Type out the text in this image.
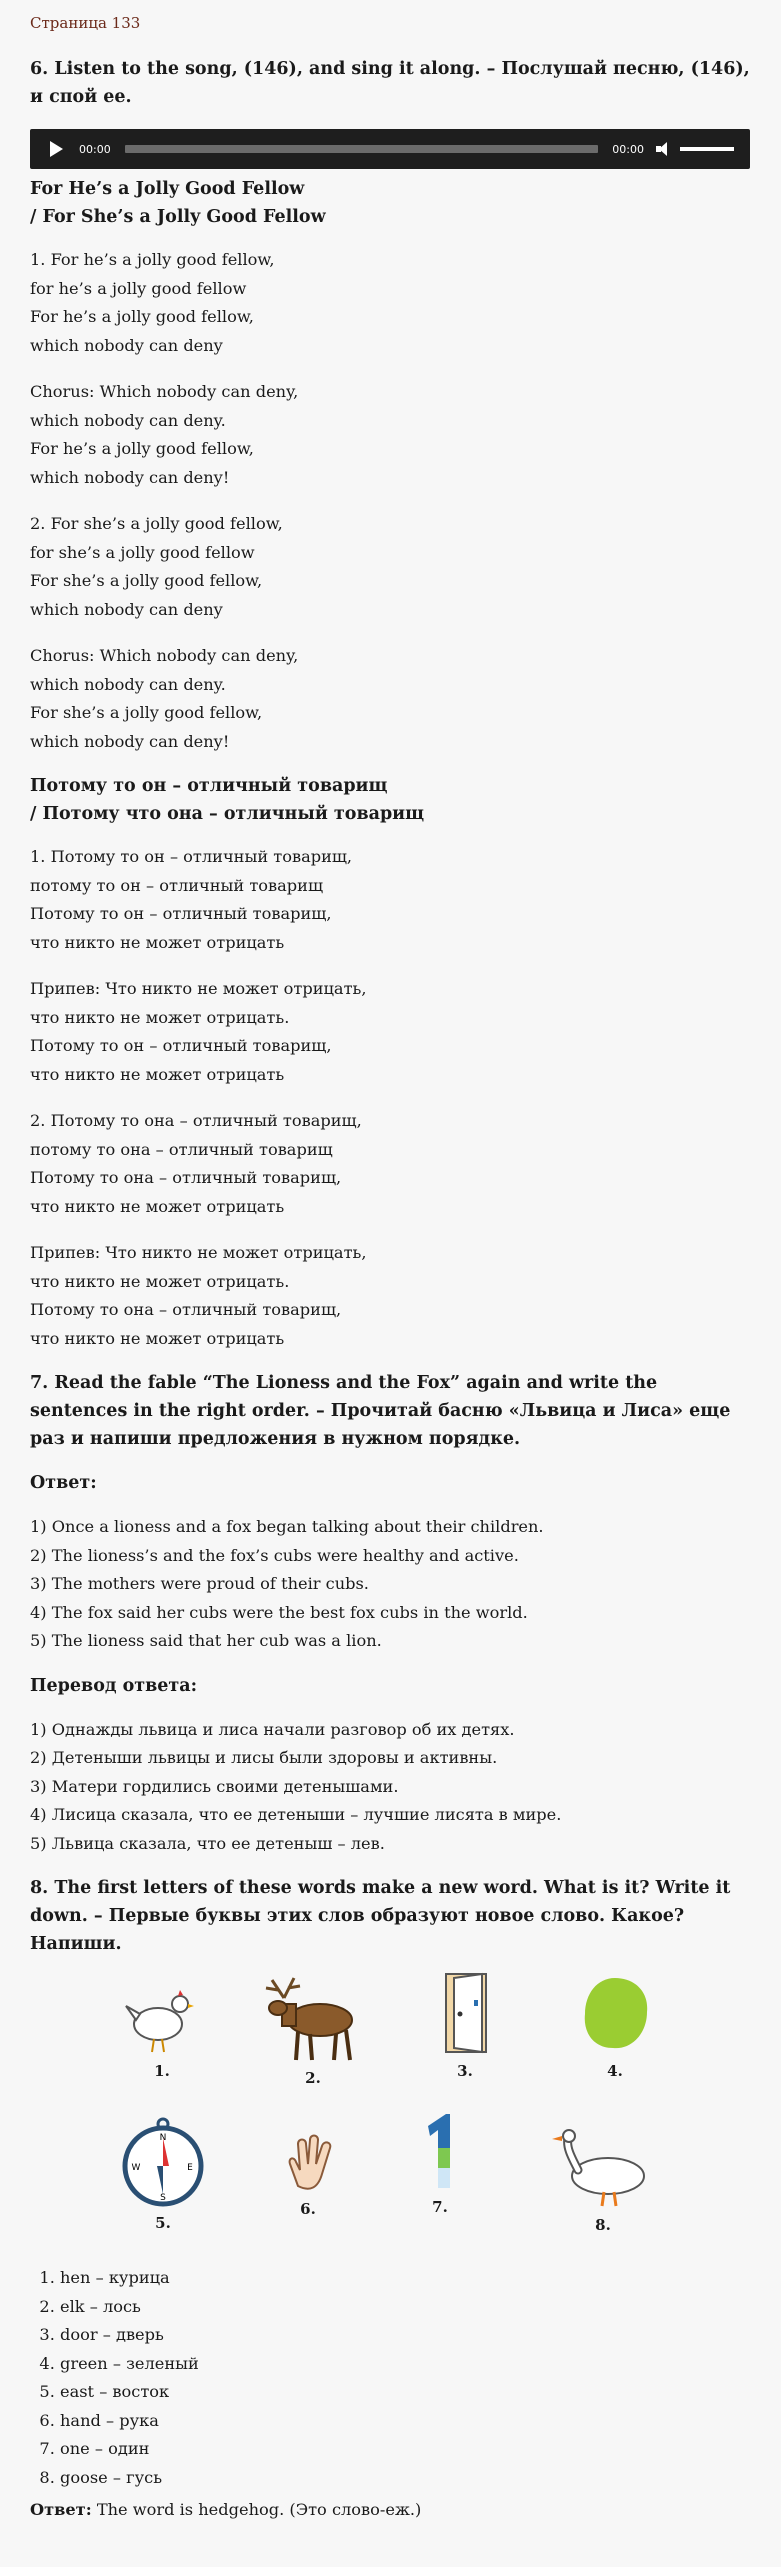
Страница 133

6. Listen to the song, (146), and sing it along. – Послушай песню, (146), и спой ее.

00:00	00:00

For He’s a Jolly Good Fellow
/ For She’s a Jolly Good Fellow

1. For he’s a jolly good fellow,
for he’s a jolly good fellow
For he’s a jolly good fellow,
which nobody can deny

Chorus: Which nobody can deny,
which nobody can deny.
For he’s a jolly good fellow,
which nobody can deny!

2. For she’s a jolly good fellow,
for she’s a jolly good fellow
For she’s a jolly good fellow,
which nobody can deny

Chorus: Which nobody can deny,
which nobody can deny.
For she’s a jolly good fellow,
which nobody can deny!

Потому то он – отличный товарищ
/ Потому что она – отличный товарищ

1. Потому то он – отличный товарищ,
потому то он – отличный товарищ
Потому то он – отличный товарищ,
что никто не может отрицать

Припев: Что никто не может отрицать,
что никто не может отрицать.
Потому то он – отличный товарищ,
что никто не может отрицать

2. Потому то она – отличный товарищ,
потому то она – отличный товарищ
Потому то она – отличный товарищ,
что никто не может отрицать

Припев: Что никто не может отрицать,
что никто не может отрицать.
Потому то она – отличный товарищ,
что никто не может отрицать

7. Read the fable “The Lioness and the Fox” again and write the sentences in the right order. – Прочитай басню «Львица и Лиса» еще раз и напиши предложения в нужном порядке.

Ответ:

1) Once a lioness and a fox began talking about their children.
2) The lioness’s and the fox’s cubs were healthy and active.
3) The mothers were proud of their cubs.
4) The fox said her cubs were the best fox cubs in the world.
5) The lioness said that her cub was a lion.

Перевод ответа:

1) Однажды львица и лиса начали разговор об их детях.
2) Детеныши львицы и лисы были здоровы и активны.
3) Матери гордились своими детенышами.
4) Лисица сказала, что ее детеныши – лучшие лисята в мире.
5) Львица сказала, что ее детеныш – лев.

8. The first letters of these words make a new word. What is it? Write it down. – Первые буквы этих слов образуют новое слово. Какое? Напиши.

1.	2.	3.	4.
N
E
W
S
5.
6.	7.
8.
1. hen – курица
2. elk – лось
3. door – дверь
4. green – зеленый
5. east – восток
6. hand – рука
7. one – один
8. goose – гусь

Ответ: The word is hedgehog. (Это слово-еж.)
